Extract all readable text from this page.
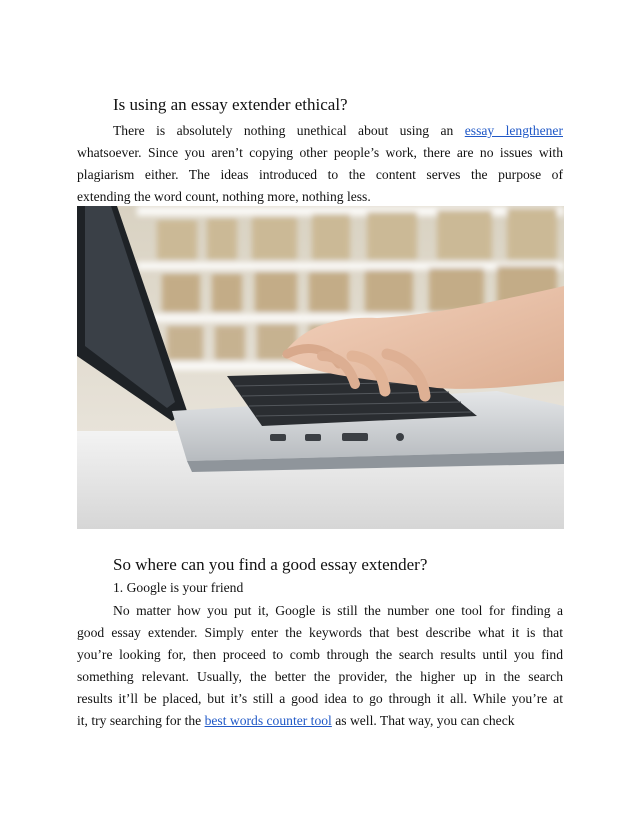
Is using an essay extender ethical?
There is absolutely nothing unethical about using an essay lengthener
whatsoever. Since you aren’t copying other people’s work, there are no issues with
plagiarism either. The ideas introduced to the content serves the purpose of
extending the word count, nothing more, nothing less.
So where can you find a good essay extender?
1. Google is your friend
No matter how you put it, Google is still the number one tool for finding a
good essay extender. Simply enter the keywords that best describe what it is that
you’re looking for, then proceed to comb through the search results until you find
something relevant. Usually, the better the provider, the higher up in the search
results it’ll be placed, but it’s still a good idea to go through it all. While you’re at
it, try searching for the best words counter tool as well. That way, you can check
